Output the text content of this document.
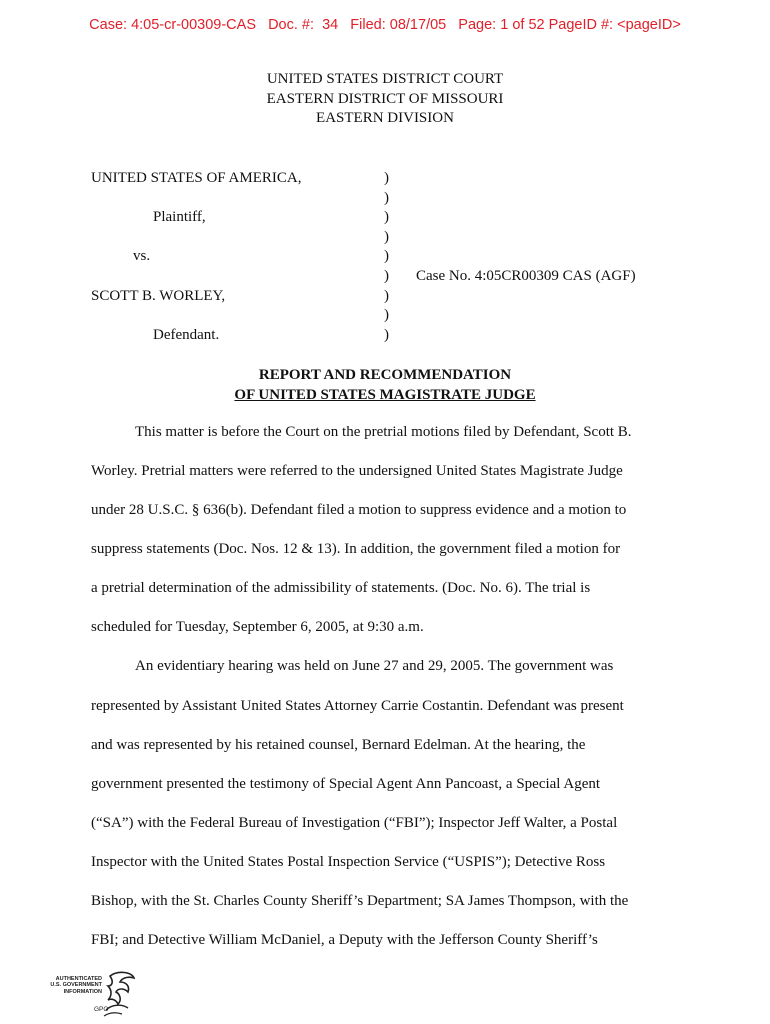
Case: 4:05-cr-00309-CAS   Doc. #:  34   Filed: 08/17/05   Page: 1 of 52 PageID #: <pageID>
UNITED STATES DISTRICT COURT
EASTERN DISTRICT OF MISSOURI
EASTERN DIVISION
UNITED STATES OF AMERICA,
Plaintiff,
vs.
SCOTT B. WORLEY,
Defendant.
Case No. 4:05CR00309 CAS (AGF)
)
)
)
)
)
)
)
)
)
REPORT AND RECOMMENDATION
OF UNITED STATES MAGISTRATE JUDGE
This matter is before the Court on the pretrial motions filed by Defendant, Scott B.
Worley. Pretrial matters were referred to the undersigned United States Magistrate Judge
under 28 U.S.C. § 636(b). Defendant filed a motion to suppress evidence and a motion to
suppress statements (Doc. Nos. 12 & 13). In addition, the government filed a motion for
a pretrial determination of the admissibility of statements. (Doc. No. 6). The trial is
scheduled for Tuesday, September 6, 2005, at 9:30 a.m.
An evidentiary hearing was held on June 27 and 29, 2005. The government was
represented by Assistant United States Attorney Carrie Costantin. Defendant was present
and was represented by his retained counsel, Bernard Edelman. At the hearing, the
government presented the testimony of Special Agent Ann Pancoast, a Special Agent
(“SA”) with the Federal Bureau of Investigation (“FBI”); Inspector Jeff Walter, a Postal
Inspector with the United States Postal Inspection Service (“USPIS”); Detective Ross
Bishop, with the St. Charles County Sheriff’s Department; SA James Thompson, with the
FBI; and Detective William McDaniel, a Deputy with the Jefferson County Sheriff’s
AUTHENTICATED
U.S. GOVERNMENT
INFORMATION
GPO
